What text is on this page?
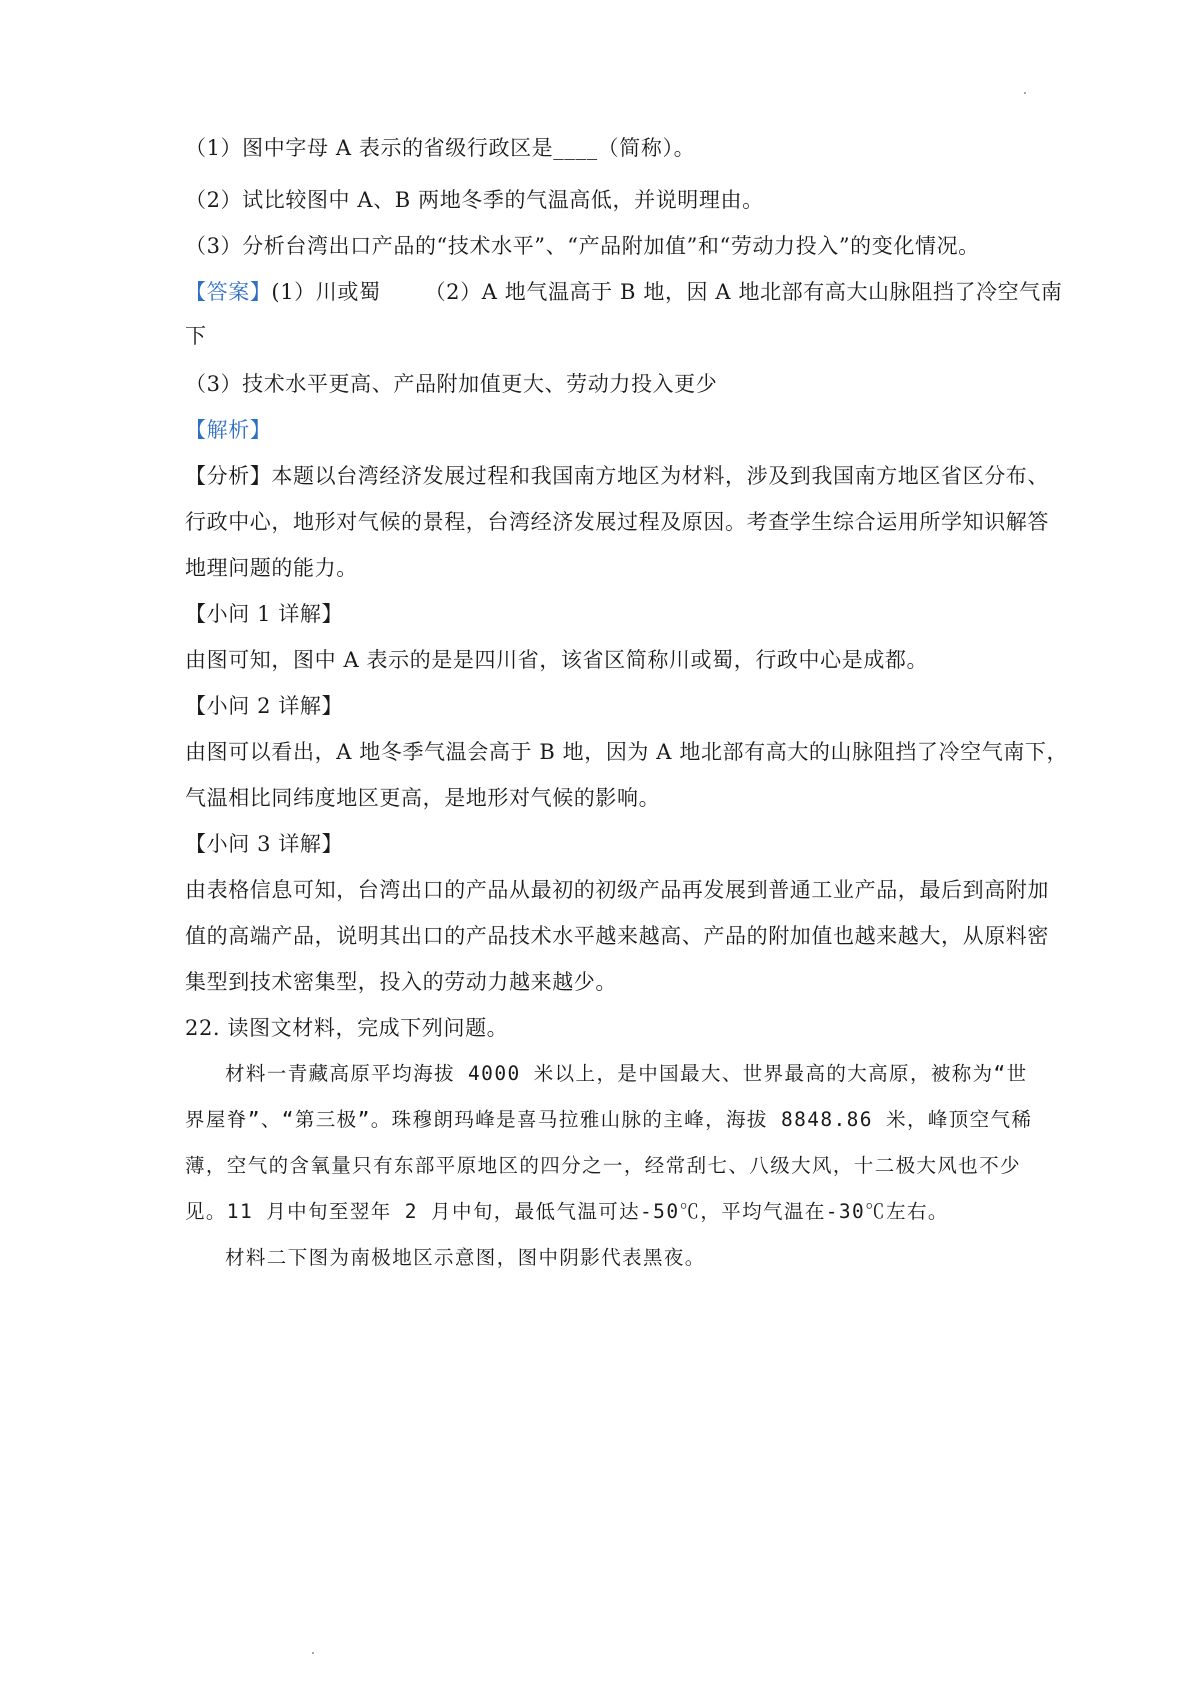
（1）图中字母 A 表示的省级行政区是____（简称）。
（2）试比较图中 A、B 两地冬季的气温高低，并说明理由。
（3）分析台湾出口产品的“技术水平”、“产品附加值”和“劳动力投入”的变化情况。
【答案】(1）川或蜀 （2）A 地气温高于 B 地，因 A 地北部有高大山脉阻挡了冷空气南
下
（3）技术水平更高、产品附加值更大、劳动力投入更少
【解析】
【分析】本题以台湾经济发展过程和我国南方地区为材料，涉及到我国南方地区省区分布、
行政中心，地形对气候的景程，台湾经济发展过程及原因。考查学生综合运用所学知识解答
地理问题的能力。
【小问 1 详解】
由图可知，图中 A 表示的是是四川省，该省区简称川或蜀，行政中心是成都。
【小问 2 详解】
由图可以看出，A 地冬季气温会高于 B 地，因为 A 地北部有高大的山脉阻挡了冷空气南下，
气温相比同纬度地区更高，是地形对气候的影响。
【小问 3 详解】
由表格信息可知，台湾出口的产品从最初的初级产品再发展到普通工业产品，最后到高附加
值的高端产品，说明其出口的产品技术水平越来越高、产品的附加值也越来越大，从原料密
集型到技术密集型，投入的劳动力越来越少。
22. 读图文材料，完成下列问题。
材料一青藏高原平均海拔 4000 米以上，是中国最大、世界最高的大高原，被称为“世
界屋脊”、“第三极”。珠穆朗玛峰是喜马拉雅山脉的主峰，海拔 8848.86 米，峰顶空气稀
薄，空气的含氧量只有东部平原地区的四分之一，经常刮七、八级大风，十二极大风也不少
见。11 月中旬至翌年 2 月中旬，最低气温可达-50℃，平均气温在-30℃左右。
材料二下图为南极地区示意图，图中阴影代表黑夜。
